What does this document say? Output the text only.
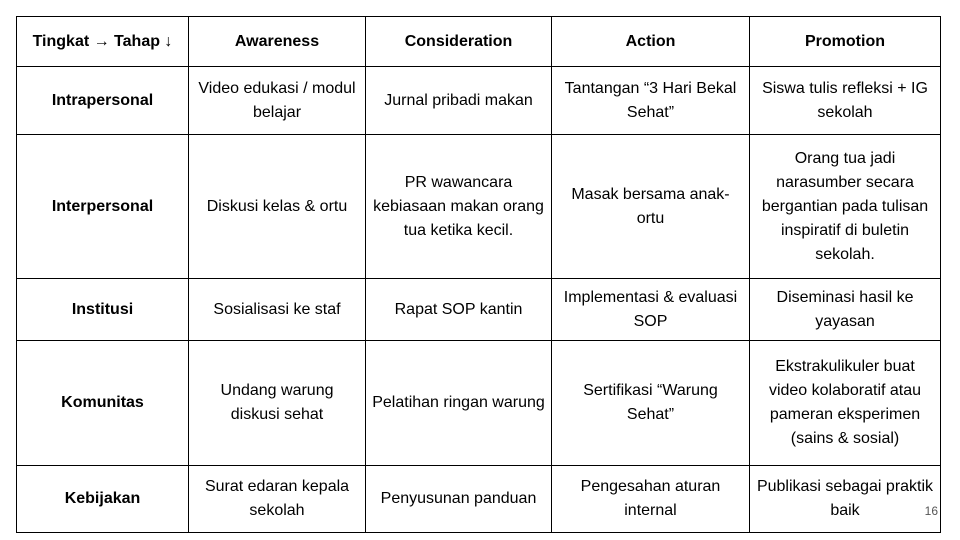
Tingkat → Tahap ↓	Awareness	Consideration	Action	Promotion
Intrapersonal	Video edukasi / modul belajar	Jurnal pribadi makan	Tantangan “3 Hari Bekal Sehat”	Siswa tulis refleksi + IG sekolah
Interpersonal	Diskusi kelas & ortu	PR wawancara kebiasaan makan orang tua ketika kecil.	Masak bersama anak-ortu	Orang tua jadi narasumber secara bergantian pada tulisan inspiratif di buletin sekolah.
Institusi	Sosialisasi ke staf	Rapat SOP kantin	Implementasi & evaluasi SOP	Diseminasi hasil ke yayasan
Komunitas	Undang warung diskusi sehat	Pelatihan ringan warung	Sertifikasi “Warung Sehat”	Ekstrakulikuler buat video kolaboratif atau pameran eksperimen (sains & sosial)
Kebijakan	Surat edaran kepala sekolah	Penyusunan panduan	Pengesahan aturan internal	Publikasi sebagai praktik baik	16
